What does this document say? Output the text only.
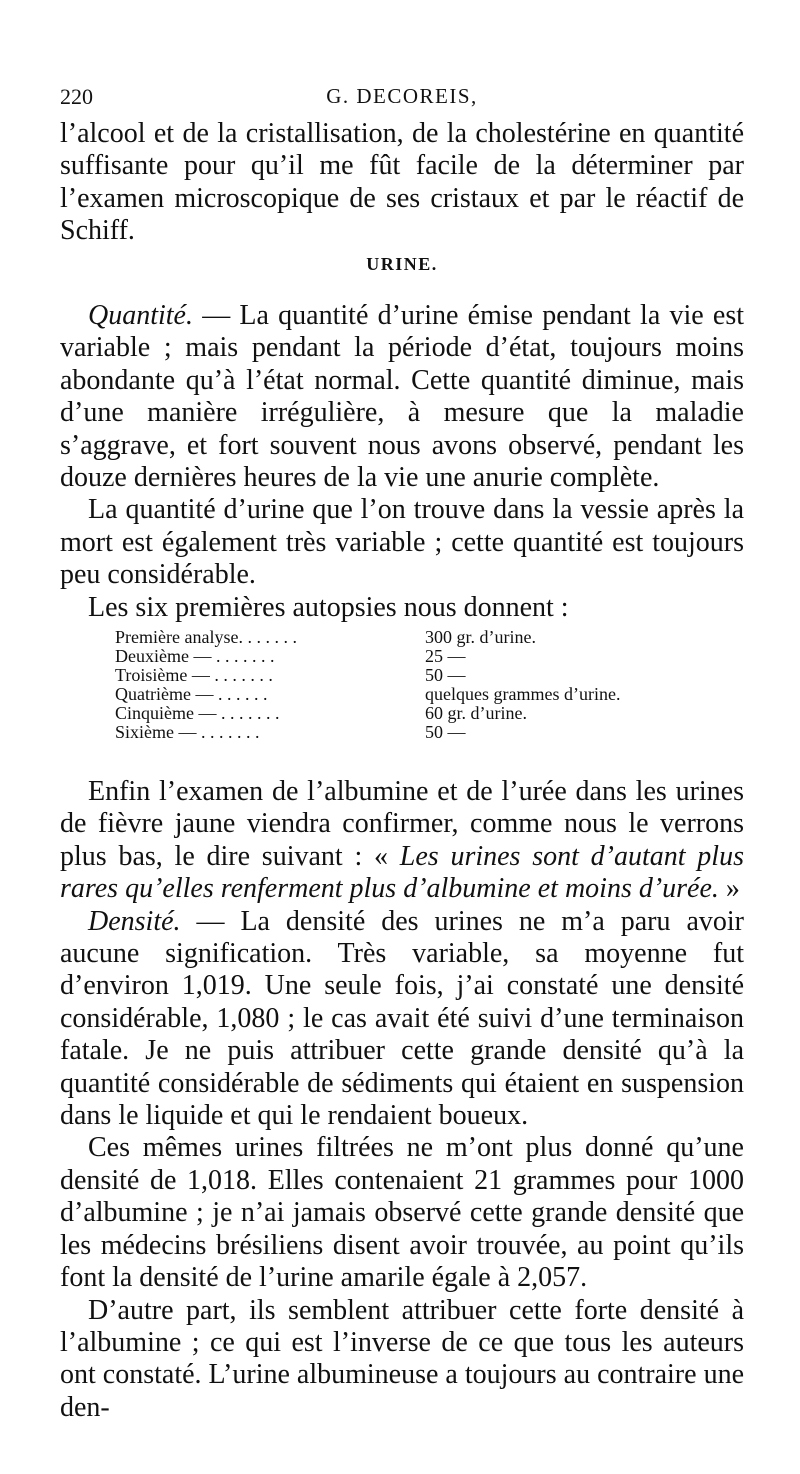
220	G. DECOREIS,

l’alcool et de la cristallisation, de la cholestérine en quantité suffisante pour qu’il me fût facile de la déterminer par l’examen microscopique de ses cristaux et par le réactif de Schiff.

URINE.

Quantité. — La quantité d’urine émise pendant la vie est variable ; mais pendant la période d’état, toujours moins abondante qu’à l’état normal. Cette quantité diminue, mais d’une manière irrégulière, à mesure que la maladie s’aggrave, et fort souvent nous avons observé, pendant les douze dernières heures de la vie une anurie complète.

La quantité d’urine que l’on trouve dans la vessie après la mort est également très variable ; cette quantité est toujours peu considérable.

Les six premières autopsies nous donnent :

Première analyse. . . . . . .	300 gr. d’urine.
Deuxième — . . . . . . .	25 —
Troisième — . . . . . . .	50 —
Quatrième — . . . . . .	quelques grammes d’urine.
Cinquième — . . . . . . .	60 gr. d’urine.
Sixième — . . . . . . .	50 —

Enfin l’examen de l’albumine et de l’urée dans les urines de fièvre jaune viendra confirmer, comme nous le verrons plus bas, le dire suivant : « Les urines sont d’autant plus rares qu’elles renferment plus d’albumine et moins d’urée. »

Densité. — La densité des urines ne m’a paru avoir aucune signification. Très variable, sa moyenne fut d’environ 1,019. Une seule fois, j’ai constaté une densité considérable, 1,080 ; le cas avait été suivi d’une terminaison fatale. Je ne puis attribuer cette grande densité qu’à la quantité considérable de sédiments qui étaient en suspension dans le liquide et qui le rendaient boueux.

Ces mêmes urines filtrées ne m’ont plus donné qu’une densité de 1,018. Elles contenaient 21 grammes pour 1000 d’albumine ; je n’ai jamais observé cette grande densité que les médecins brésiliens disent avoir trouvée, au point qu’ils font la densité de l’urine amarile égale à 2,057.

D’autre part, ils semblent attribuer cette forte densité à l’albumine ; ce qui est l’inverse de ce que tous les auteurs ont constaté. L’urine albumineuse a toujours au contraire une den-
